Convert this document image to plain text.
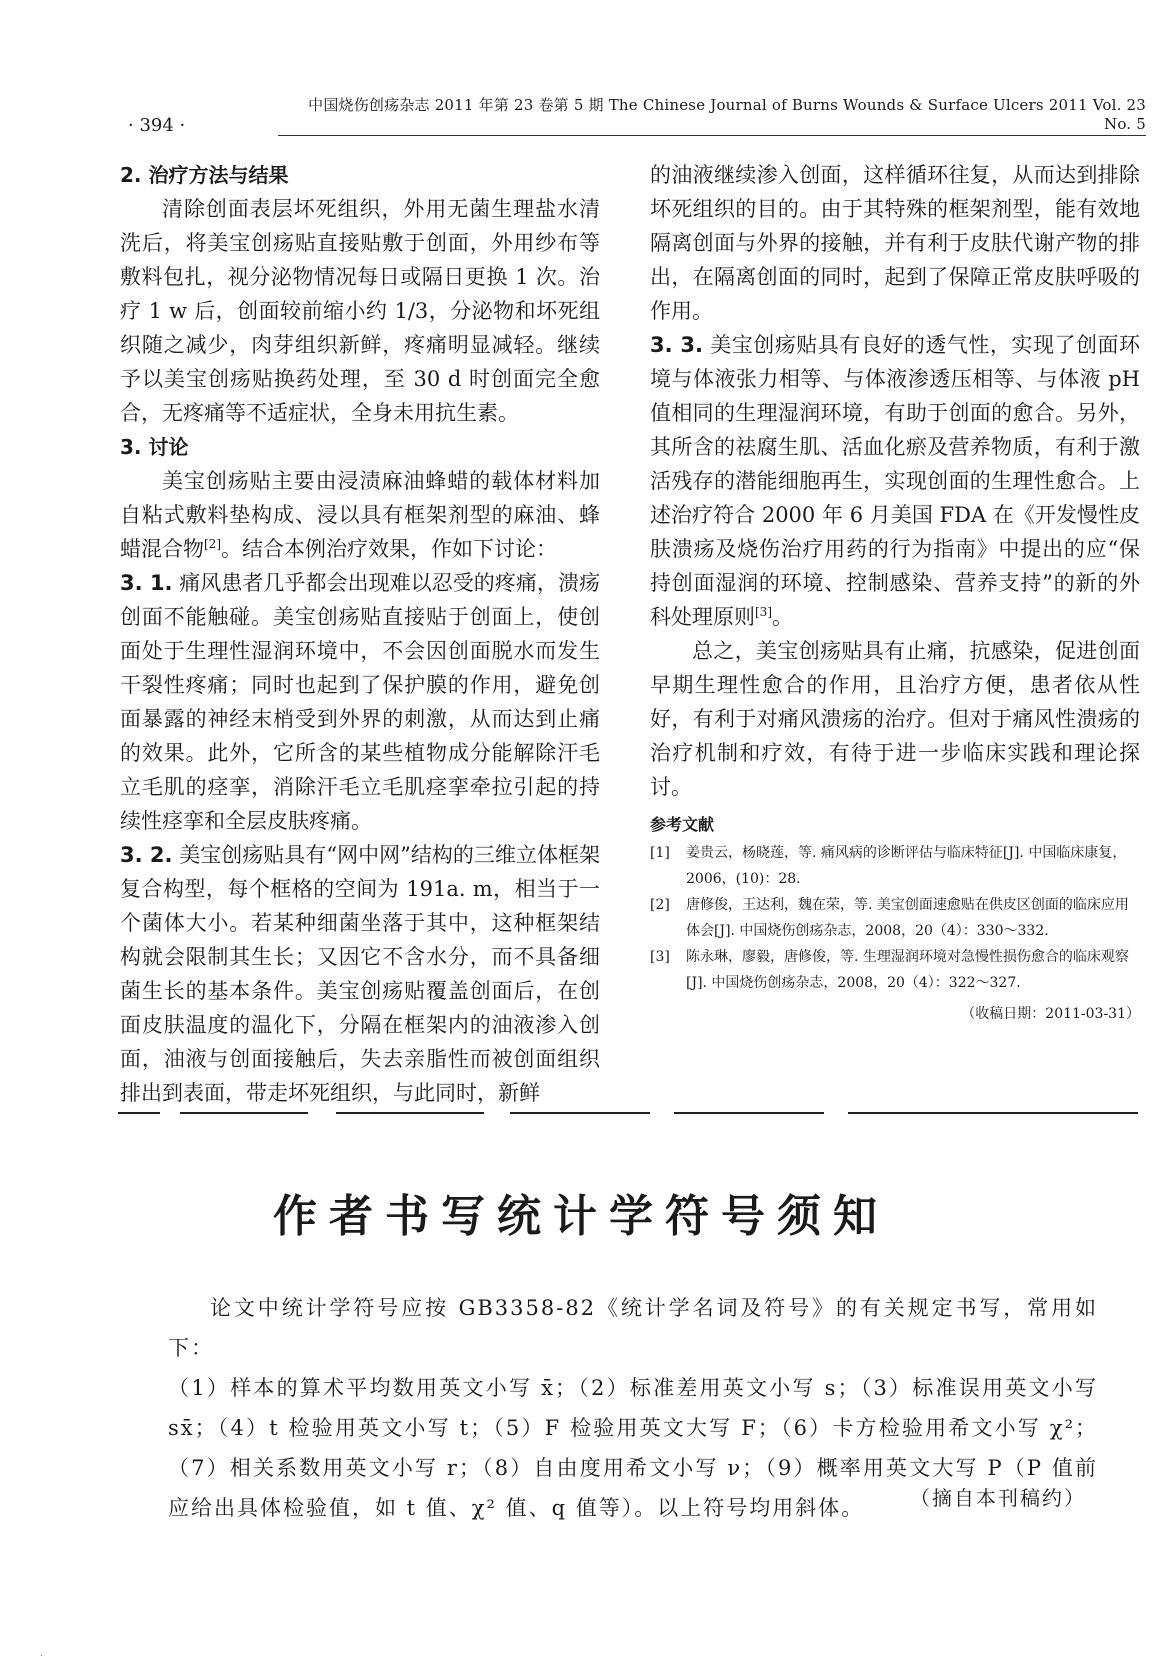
· 394 ·
中国烧伤创疡杂志 2011 年第 23 卷第 5 期 The Chinese Journal of Burns Wounds & Surface Ulcers 2011 Vol. 23 No. 5
2. 治疗方法与结果

清除创面表层坏死组织，外用无菌生理盐水清洗后，将美宝创疡贴直接贴敷于创面，外用纱布等敷料包扎，视分泌物情况每日或隔日更换 1 次。治疗 1 w 后，创面较前缩小约 1/3，分泌物和坏死组织随之减少，肉芽组织新鲜，疼痛明显减轻。继续予以美宝创疡贴换药处理，至 30 d 时创面完全愈合，无疼痛等不适症状，全身未用抗生素。

3. 讨论

美宝创疡贴主要由浸渍麻油蜂蜡的载体材料加自粘式敷料垫构成、浸以具有框架剂型的麻油、蜂蜡混合物[2]。结合本例治疗效果，作如下讨论：

3. 1. 痛风患者几乎都会出现难以忍受的疼痛，溃疡创面不能触碰。美宝创疡贴直接贴于创面上，使创面处于生理性湿润环境中，不会因创面脱水而发生干裂性疼痛；同时也起到了保护膜的作用，避免创面暴露的神经末梢受到外界的刺激，从而达到止痛的效果。此外，它所含的某些植物成分能解除汗毛立毛肌的痉挛，消除汗毛立毛肌痉挛牵拉引起的持续性痉挛和全层皮肤疼痛。

3. 2. 美宝创疡贴具有“网中网”结构的三维立体框架复合构型，每个框格的空间为 191a. m，相当于一个菌体大小。若某种细菌坐落于其中，这种框架结构就会限制其生长；又因它不含水分，而不具备细菌生长的基本条件。美宝创疡贴覆盖创面后，在创面皮肤温度的温化下，分隔在框架内的油液渗入创面，油液与创面接触后，失去亲脂性而被创面组织排出到表面，带走坏死组织，与此同时，新鲜

的油液继续渗入创面，这样循环往复，从而达到排除坏死组织的目的。由于其特殊的框架剂型，能有效地隔离创面与外界的接触，并有利于皮肤代谢产物的排出，在隔离创面的同时，起到了保障正常皮肤呼吸的作用。

3. 3. 美宝创疡贴具有良好的透气性，实现了创面环境与体液张力相等、与体液渗透压相等、与体液 pH 值相同的生理湿润环境，有助于创面的愈合。另外，其所含的祛腐生肌、活血化瘀及营养物质，有利于激活残存的潜能细胞再生，实现创面的生理性愈合。上述治疗符合 2000 年 6 月美国 FDA 在《开发慢性皮肤溃疡及烧伤治疗用药的行为指南》中提出的应“保持创面湿润的环境、控制感染、营养支持”的新的外科处理原则[3]。

总之，美宝创疡贴具有止痛，抗感染，促进创面早期生理性愈合的作用，且治疗方便，患者依从性好，有利于对痛风溃疡的治疗。但对于痛风性溃疡的治疗机制和疗效，有待于进一步临床实践和理论探讨。

参考文献
[1]	姜贵云，杨晓莲，等. 痛风病的诊断评估与临床特征[J]. 中国临床康复，2006，(10)：28.
[2]	唐修俊，王达利，魏在荣，等. 美宝创面速愈贴在供皮区创面的临床应用体会[J]. 中国烧伤创疡杂志，2008，20（4）：330～332.
[3]	陈永琳，廖毅，唐修俊，等. 生理湿润环境对急慢性损伤愈合的临床观察[J]. 中国烧伤创疡杂志，2008，20（4）：322～327.
（收稿日期：2011-03-31）
作者书写统计学符号须知

论文中统计学符号应按 GB3358-82《统计学名词及符号》的有关规定书写，常用如下：

（1）样本的算术平均数用英文小写 x̄；（2）标准差用英文小写 s；（3）标准误用英文小写 sx̄；（4）t 检验用英文小写 t；（5）F 检验用英文大写 F；（6）卡方检验用希文小写 χ²；（7）相关系数用英文小写 r；（8）自由度用希文小写 ν；（9）概率用英文大写 P（P 值前应给出具体检验值，如 t 值、χ² 值、q 值等）。以上符号均用斜体。	（摘自本刊稿约）
·
